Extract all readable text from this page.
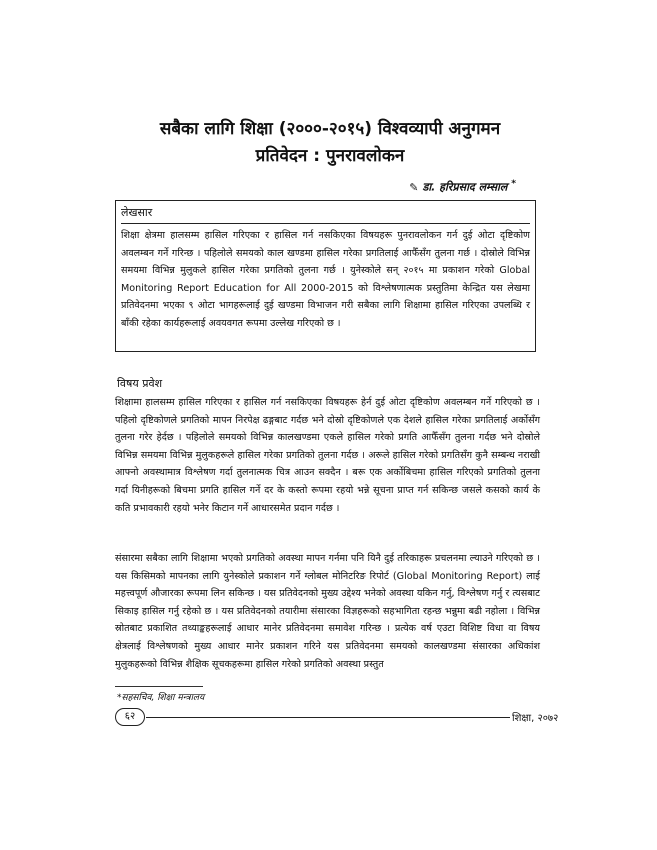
सबैका लागि शिक्षा (२०००-२०१५) विश्वव्यापी अनुगमन
प्रतिवेदन : पुनरावलोकन

✎ डा. हरिप्रसाद लम्साल *

लेखसार

शिक्षा क्षेत्रमा हालसम्म हासिल गरिएका र हासिल गर्न नसकिएका विषयहरू पुनरावलोकन गर्न दुई ओटा दृष्टिकोण अवलम्बन गर्ने गरिन्छ । पहिलोले समयको काल खण्डमा हासिल गरेका प्रगतिलाई आफैँसँग तुलना गर्छ । दोस्रोले विभिन्न समयमा विभिन्न मुलुकले हासिल गरेका प्रगतिको तुलना गर्छ । युनेस्कोले सन् २०१५ मा प्रकाशन गरेको Global Monitoring Report Education for All 2000-2015 को विश्लेषणात्मक प्रस्तुतिमा केन्द्रित यस लेखमा प्रतिवेदनमा भएका ९ ओटा भागहरूलाई दुई खण्डमा विभाजन गरी सबैका लागि शिक्षामा हासिल गरिएका उपलब्धि र बाँकी रहेका कार्यहरूलाई अवयवगत रूपमा उल्लेख गरिएको छ ।

विषय प्रवेश

शिक्षामा हालसम्म हासिल गरिएका र हासिल गर्न नसकिएका विषयहरू हेर्न दुई ओटा दृष्टिकोण अवलम्बन गर्ने गरिएको छ । पहिलो दृष्टिकोणले प्रगतिको मापन निरपेक्ष ढङ्गबाट गर्दछ भने दोस्रो दृष्टिकोणले एक देशले हासिल गरेका प्रगतिलाई अर्कोसँग तुलना गरेर हेर्दछ । पहिलोले समयको विभिन्न कालखण्डमा एकले हासिल गरेको प्रगति आफैँसँग तुलना गर्दछ भने दोस्रोले विभिन्न समयमा विभिन्न मुलुकहरूले हासिल गरेका प्रगतिको तुलना गर्दछ । अरूले हासिल गरेको प्रगतिसँग कुनै सम्बन्ध नराखी आफ्नो अवस्थामात्र विश्लेषण गर्दा तुलनात्मक चित्र आउन सक्दैन । बरू एक अर्कोबिचमा हासिल गरिएको प्रगतिको तुलना गर्दा यिनीहरूको बिचमा प्रगति हासिल गर्ने दर के कस्तो रूपमा रहयो भन्ने सूचना प्राप्त गर्न सकिन्छ जसले कसको कार्य के कति प्रभावकारी रहयो भनेर किटान गर्ने आधारसमेत प्रदान गर्दछ ।

संसारमा सबैका लागि शिक्षामा भएको प्रगतिको अवस्था मापन गर्नमा पनि यिनै दुई तरिकाहरू प्रचलनमा ल्याउने गरिएको छ । यस किसिमको मापनका लागि युनेस्कोले प्रकाशन गर्ने ग्लोबल मोनिटरिङ रिपोर्ट (Global Monitoring Report) लाई महत्त्वपूर्ण औजारका रूपमा लिन सकिन्छ । यस प्रतिवेदनको मुख्य उद्देश्य भनेको अवस्था यकिन गर्नु, विश्लेषण गर्नु र त्यसबाट सिकाइ हासिल गर्नु रहेको छ । यस प्रतिवेदनको तयारीमा संसारका विज्ञहरूको सहभागिता रहन्छ भन्नुमा बढी नहोला । विभिन्न स्रोतबाट प्रकाशित तथ्याङ्कहरूलाई आधार मानेर प्रतिवेदनमा समावेश गरिन्छ । प्रत्येक वर्ष एउटा विशिष्ट विधा वा विषय क्षेत्रलाई विश्लेषणको मुख्य आधार मानेर प्रकाशन गरिने यस प्रतिवेदनमा समयको कालखण्डमा संसारका अधिकांश मुलुकहरूको विभिन्न शैक्षिक सूचकहरूमा हासिल गरेको प्रगतिको अवस्था प्रस्तुत

*सहसचिव, शिक्षा मन्त्रालय

६२	शिक्षा, २०७२
